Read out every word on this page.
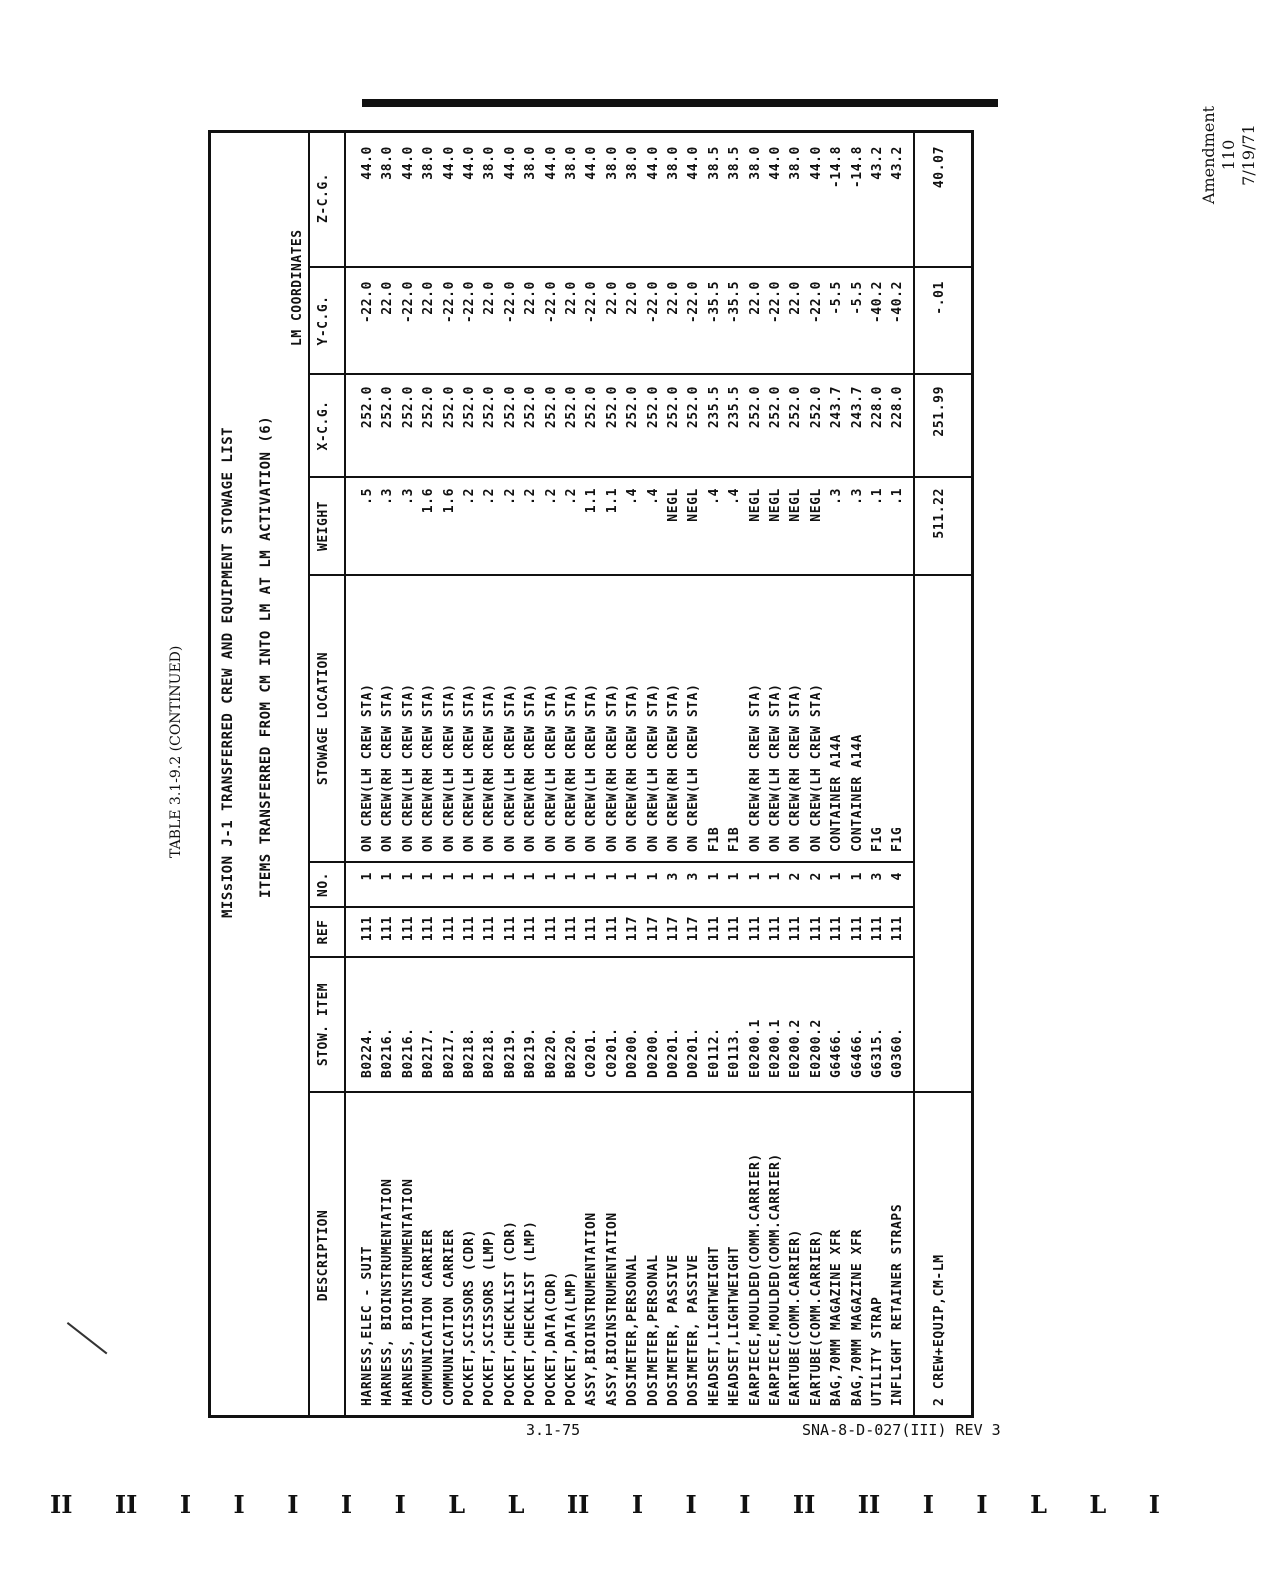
Amendment 110 7/19/71
TABLE 3.1-9.2 (CONTINUED)	MISsION J-1 TRANSFERRED CREW AND EQUIPMENT STOWAGE LIST ITEMS TRANSFERRED FROM CM INTO LM AT LM ACTIVATION (6)
LM COORDINATES
DESCRIPTION
STOW. ITEM
REF
NO.
STOWAGE LOCATION
WEIGHT
X-C.G.
Y-C.G.
Z-C.G.
HARNESS,ELEC - SUIT
B0224.
111
1
ON CREW(LH CREW STA)
.5
252.0
-22.0
44.0
HARNESS, BIOINSTRUMENTATION
B0216.
111
1
ON CREW(RH CREW STA)
.3
252.0
22.0
38.0
HARNESS, BIOINSTRUMENTATION
B0216.
111
1
ON CREW(LH CREW STA)
.3
252.0
-22.0
44.0
COMMUNICATION CARRIER
B0217.
111
1
ON CREW(RH CREW STA)
1.6
252.0
22.0
38.0
COMMUNICATION CARRIER
B0217.
111
1
ON CREW(LH CREW STA)
1.6
252.0
-22.0
44.0
POCKET,SCISSORS (CDR)
B0218.
111
1
ON CREW(LH CREW STA)
.2
252.0
-22.0
44.0
POCKET,SCISSORS (LMP)
B0218.
111
1
ON CREW(RH CREW STA)
.2
252.0
22.0
38.0
POCKET,CHECKLIST (CDR)
B0219.
111
1
ON CREW(LH CREW STA)
.2
252.0
-22.0
44.0
POCKET,CHECKLIST (LMP)
B0219.
111
1
ON CREW(RH CREW STA)
.2
252.0
22.0
38.0
POCKET,DATA(CDR)
B0220.
111
1
ON CREW(LH CREW STA)
.2
252.0
-22.0
44.0
POCKET,DATA(LMP)
B0220.
111
1
ON CREW(RH CREW STA)
.2
252.0
22.0
38.0
ASSY,BIOINSTRUMENTATION
C0201.
111
1
ON CREW(LH CREW STA)
1.1
252.0
-22.0
44.0
ASSY,BIOINSTRUMENTATION
C0201.
111
1
ON CREW(RH CREW STA)
1.1
252.0
22.0
38.0
DOSIMETER,PERSONAL
D0200.
117
1
ON CREW(RH CREW STA)
.4
252.0
22.0
38.0
DOSIMETER,PERSONAL
D0200.
117
1
ON CREW(LH CREW STA)
.4
252.0
-22.0
44.0
DOSIMETER, PASSIVE
D0201.
117
3
ON CREW(RH CREW STA)
NEGL
252.0
22.0
38.0
DOSIMETER, PASSIVE
D0201.
117
3
ON CREW(LH CREW STA)
NEGL
252.0
-22.0
44.0
HEADSET,LIGHTWEIGHT
E0112.
111
1
F1B
.4
235.5
-35.5
38.5
HEADSET,LIGHTWEIGHT
E0113.
111
1
F1B
.4
235.5
-35.5
38.5
EARPIECE,MOULDED(COMM.CARRIER)
E0200.1
111
1
ON CREW(RH CREW STA)
NEGL
252.0
22.0
38.0
EARPIECE,MOULDED(COMM.CARRIER)
E0200.1
111
1
ON CREW(LH CREW STA)
NEGL
252.0
-22.0
44.0
EARTUBE(COMM.CARRIER)
E0200.2
111
2
ON CREW(RH CREW STA)
NEGL
252.0
22.0
38.0
EARTUBE(COMM.CARRIER)
E0200.2
111
2
ON CREW(LH CREW STA)
NEGL
252.0
-22.0
44.0
BAG,70MM MAGAZINE XFR
G6466.
111
1
CONTAINER A14A
.3
243.7
-5.5
-14.8
BAG,70MM MAGAZINE XFR
G6466.
111
1
CONTAINER A14A
.3
243.7
-5.5
-14.8
UTILITY STRAP
G6315.
111
3
F1G
.1
228.0
-40.2
43.2
INFLIGHT RETAINER STRAPS
G0360.
111
4
F1G
.1
228.0
-40.2
43.2
2 CREW+EQUIP,CM-LM
511.22
251.99
-.01
40.07
3.1-75	SNA-8-D-027(III) REV 3
II II I I I I I L L II I I I II II I I L L I
